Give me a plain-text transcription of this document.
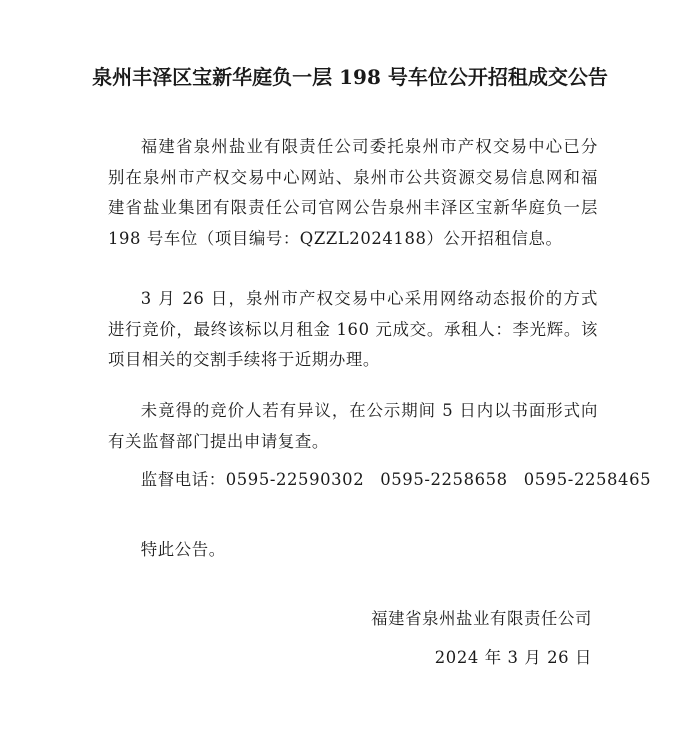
泉州丰泽区宝新华庭负一层 198 号车位公开招租成交公告

福建省泉州盐业有限责任公司委托泉州市产权交易中心已分别在泉州市产权交易中心网站、泉州市公共资源交易信息网和福建省盐业集团有限责任公司官网公告泉州丰泽区宝新华庭负一层 198 号车位（项目编号：QZZL2024188）公开招租信息。

3 月 26 日，泉州市产权交易中心采用网络动态报价的方式进行竞价，最终该标以月租金 160 元成交。承租人：李光辉。该项目相关的交割手续将于近期办理。

未竟得的竞价人若有异议，在公示期间 5 日内以书面形式向有关监督部门提出申请复查。

监督电话：0595-22590302 0595-2258658 0595-2258465

特此公告。

福建省泉州盐业有限责任公司
2024 年 3 月 26 日
